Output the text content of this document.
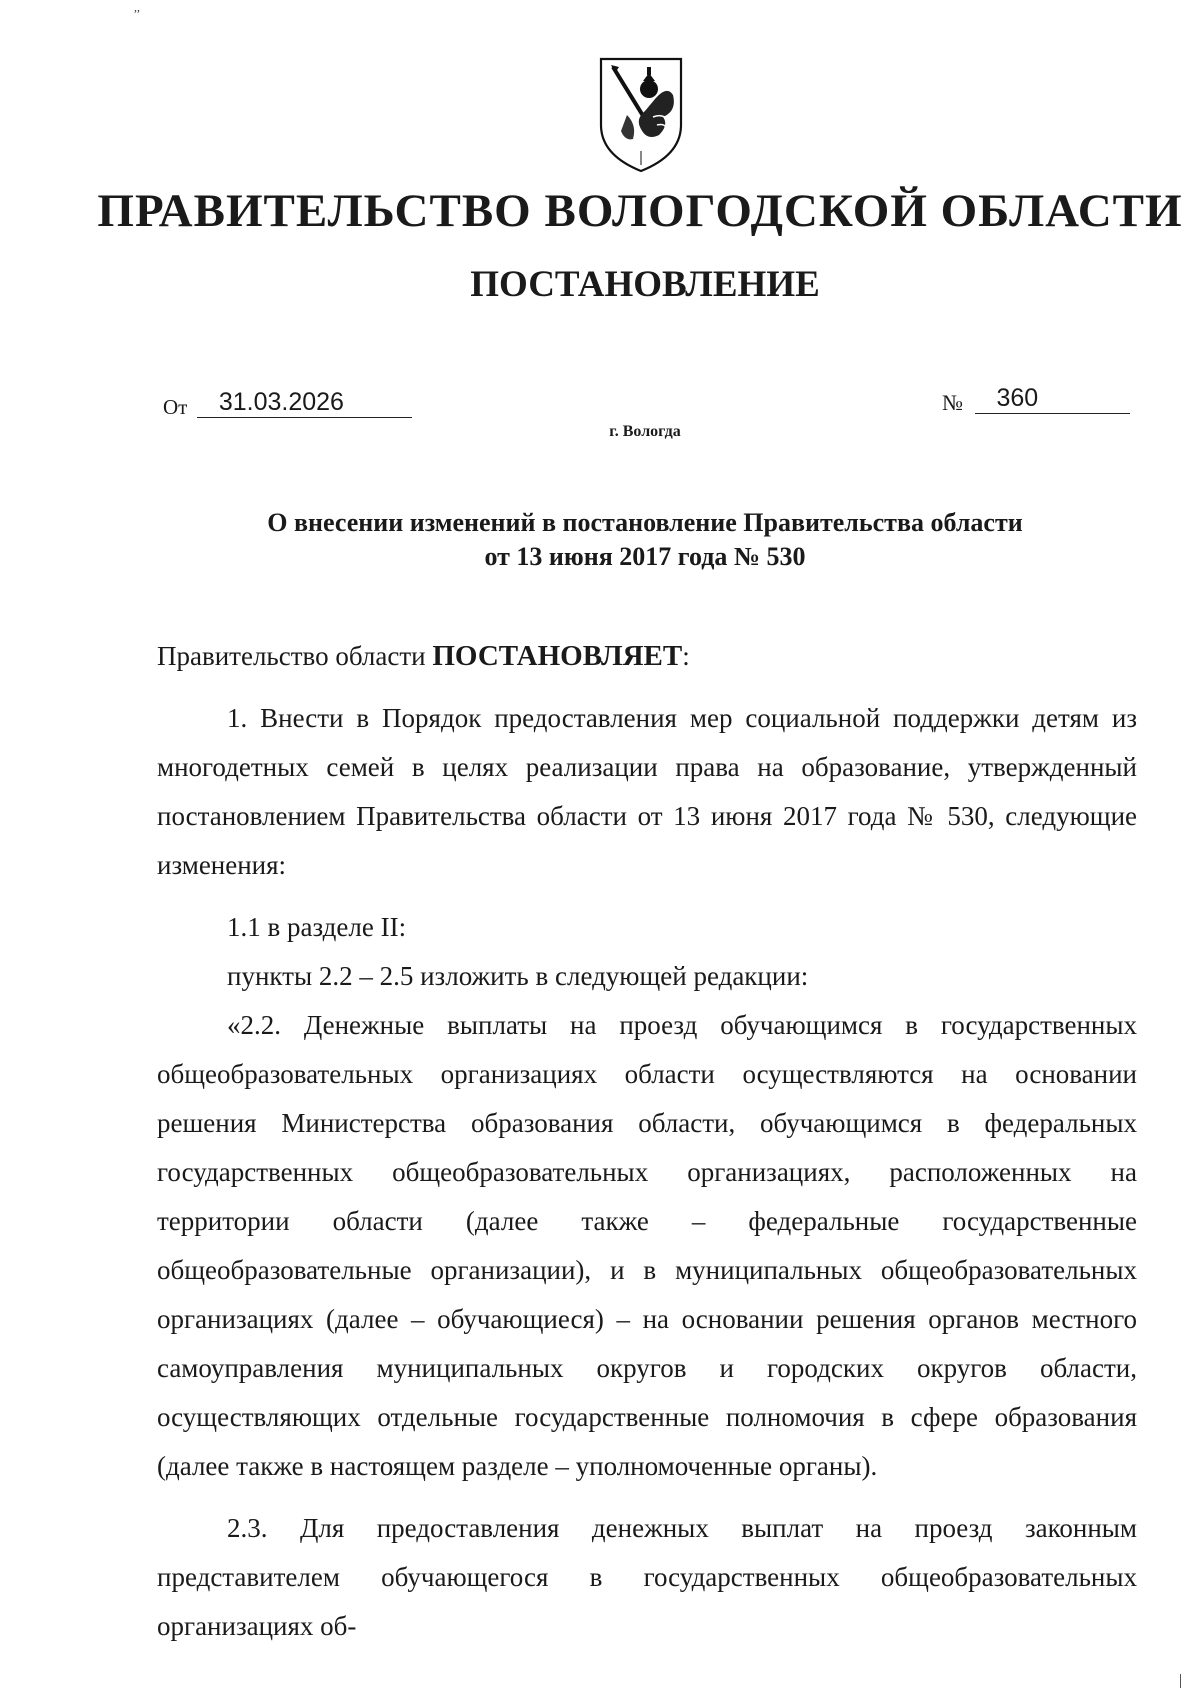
,,
ПРАВИТЕЛЬСТВО ВОЛОГОДСКОЙ ОБЛАСТИ
ПОСТАНОВЛЕНИЕ
От 31.03.2026	№ 360
г. Вологда
О внесении изменений в постановление Правительства области
от 13 июня 2017 года № 530

Правительство области ПОСТАНОВЛЯЕТ:

1. Внести в Порядок предоставления мер социальной поддержки детям из многодетных семей в целях реализации права на образование, утвержденный постановлением Правительства области от 13 июня 2017 года № 530, следующие изменения:

1.1 в разделе II:

пункты 2.2 – 2.5 изложить в следующей редакции:

«2.2. Денежные выплаты на проезд обучающимся в государственных общеобразовательных организациях области осуществляются на основании решения Министерства образования области, обучающимся в федеральных государственных общеобразовательных организациях, расположенных на территории области (далее также – федеральные государственные общеобразовательные организации), и в муниципальных общеобразовательных организациях (далее – обучающиеся) – на основании решения органов местного самоуправления муниципальных округов и городских округов области, осуществляющих отдельные государственные полномочия в сфере образования (далее также в настоящем разделе – уполномоченные органы).

2.3. Для предоставления денежных выплат на проезд законным представителем обучающегося в государственных общеобразовательных организациях об-
